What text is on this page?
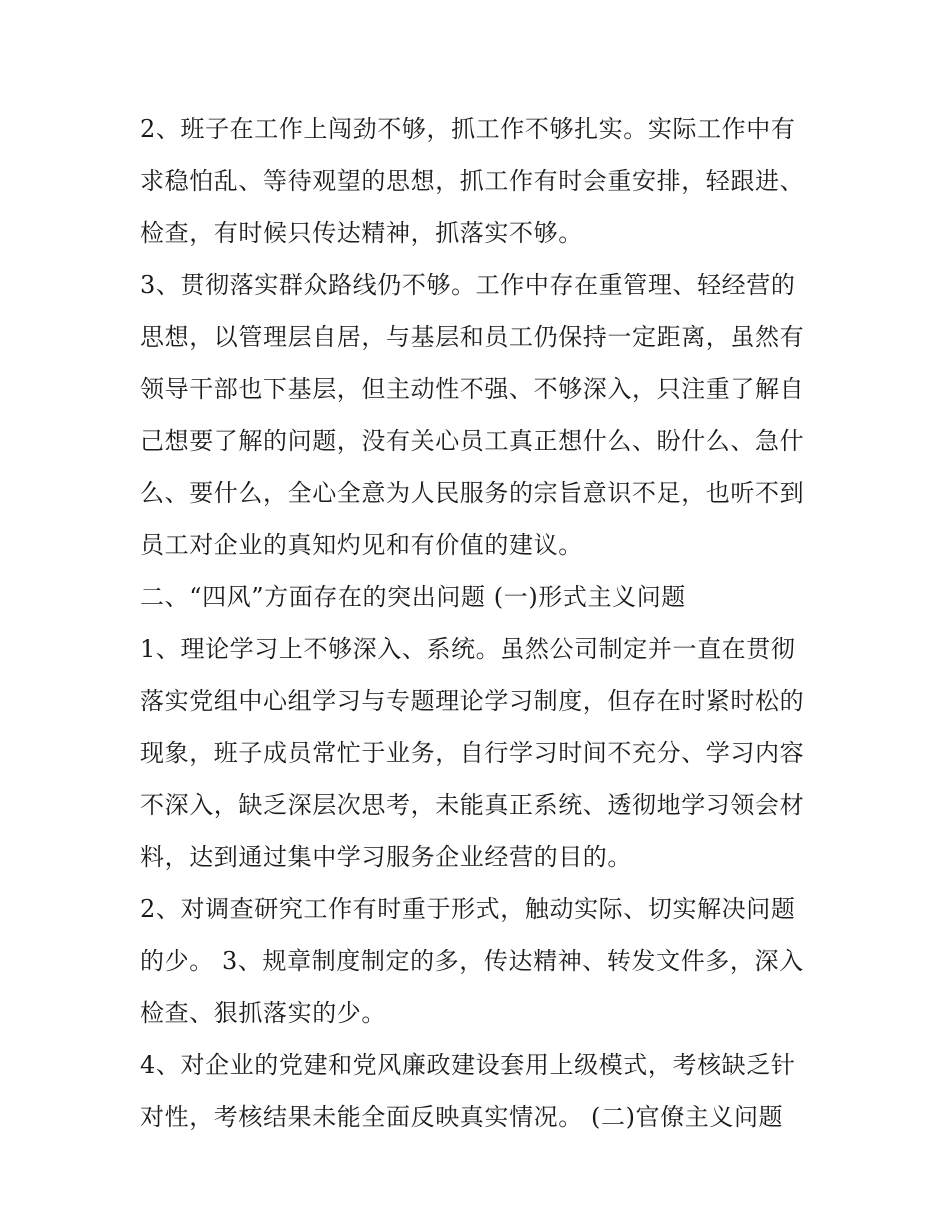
2、班子在工作上闯劲不够，抓工作不够扎实。实际工作中有
求稳怕乱、等待观望的思想，抓工作有时会重安排，轻跟进、
检查，有时候只传达精神，抓落实不够。
3、贯彻落实群众路线仍不够。工作中存在重管理、轻经营的
思想，以管理层自居，与基层和员工仍保持一定距离，虽然有
领导干部也下基层，但主动性不强、不够深入，只注重了解自
己想要了解的问题，没有关心员工真正想什么、盼什么、急什
么、要什么，全心全意为人民服务的宗旨意识不足，也听不到
员工对企业的真知灼见和有价值的建议。
二、“四风”方面存在的突出问题 (一)形式主义问题
1、理论学习上不够深入、系统。虽然公司制定并一直在贯彻
落实党组中心组学习与专题理论学习制度，但存在时紧时松的
现象，班子成员常忙于业务，自行学习时间不充分、学习内容
不深入，缺乏深层次思考，未能真正系统、透彻地学习领会材
料，达到通过集中学习服务企业经营的目的。
2、对调查研究工作有时重于形式，触动实际、切实解决问题
的少。 3、规章制度制定的多，传达精神、转发文件多，深入
检查、狠抓落实的少。
4、对企业的党建和党风廉政建设套用上级模式，考核缺乏针
对性，考核结果未能全面反映真实情况。 (二)官僚主义问题
